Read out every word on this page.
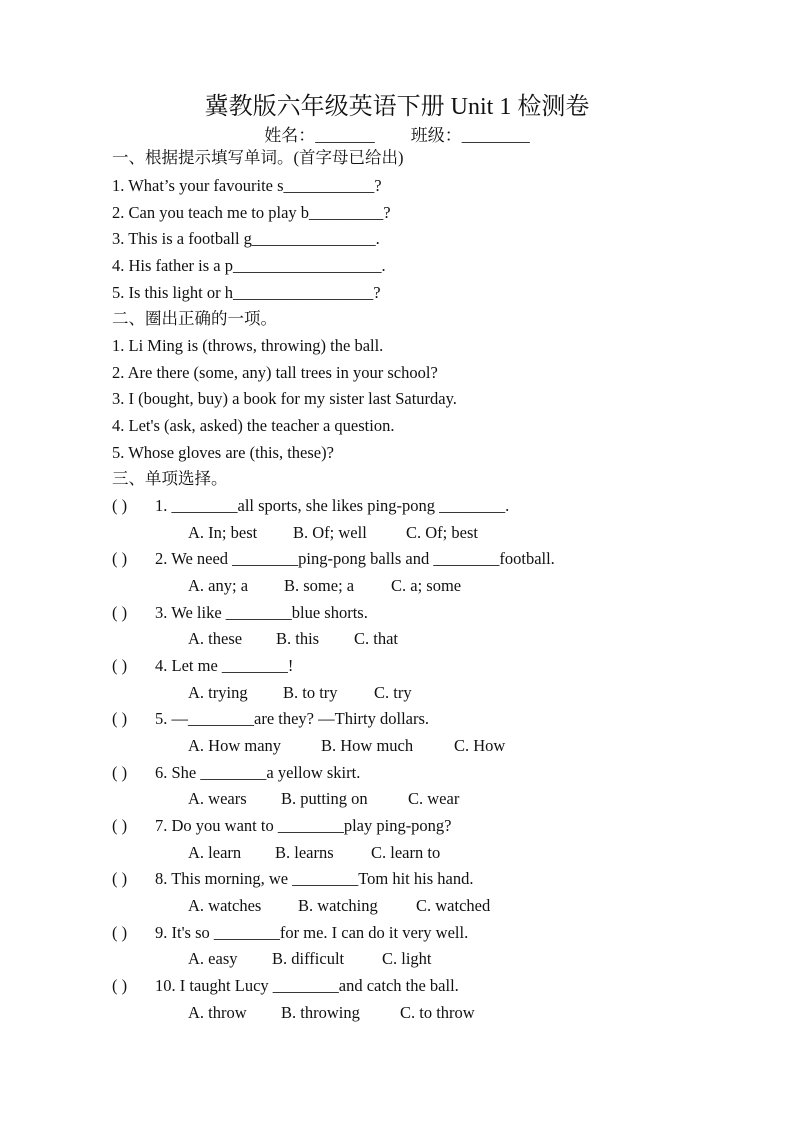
冀教版六年级英语下册 Unit 1 检测卷
姓名：_______ 班级：________
一、根据提示填写单词。(首字母已给出)
1. What’s your favourite s___________?
2. Can you teach me to play b_________?
3. This is a football g_______________.
4. His father is a p__________________.
5. Is this light or h_________________?
二、圈出正确的一项。
1. Li Ming is (throws, throwing) the ball.
2. Are there (some, any) tall trees in your school?
3. I (bought, buy) a book for my sister last Saturday.
4. Let's (ask, asked) the teacher a question.
5. Whose gloves are (this, these)?
三、单项选择。
( ) 1. ________all sports, she likes ping-pong ________.
A. In; best B. Of; well C. Of; best
( ) 2. We need ________ping-pong balls and ________football.
A. any; a B. some; a C. a; some
( ) 3. We like ________blue shorts.
A. these B. this C. that
( ) 4. Let me ________!
A. trying B. to try C. try
( ) 5. —________are they? —Thirty dollars.
A. How many B. How much C. How
( ) 6. She ________a yellow skirt.
A. wears B. putting on C. wear
( ) 7. Do you want to ________play ping-pong?
A. learn B. learns C. learn to
( ) 8. This morning, we ________Tom hit his hand.
A. watches B. watching C. watched
( ) 9. It's so ________for me. I can do it very well.
A. easy B. difficult C. light
( ) 10. I taught Lucy ________and catch the ball.
A. throw B. throwing C. to throw
